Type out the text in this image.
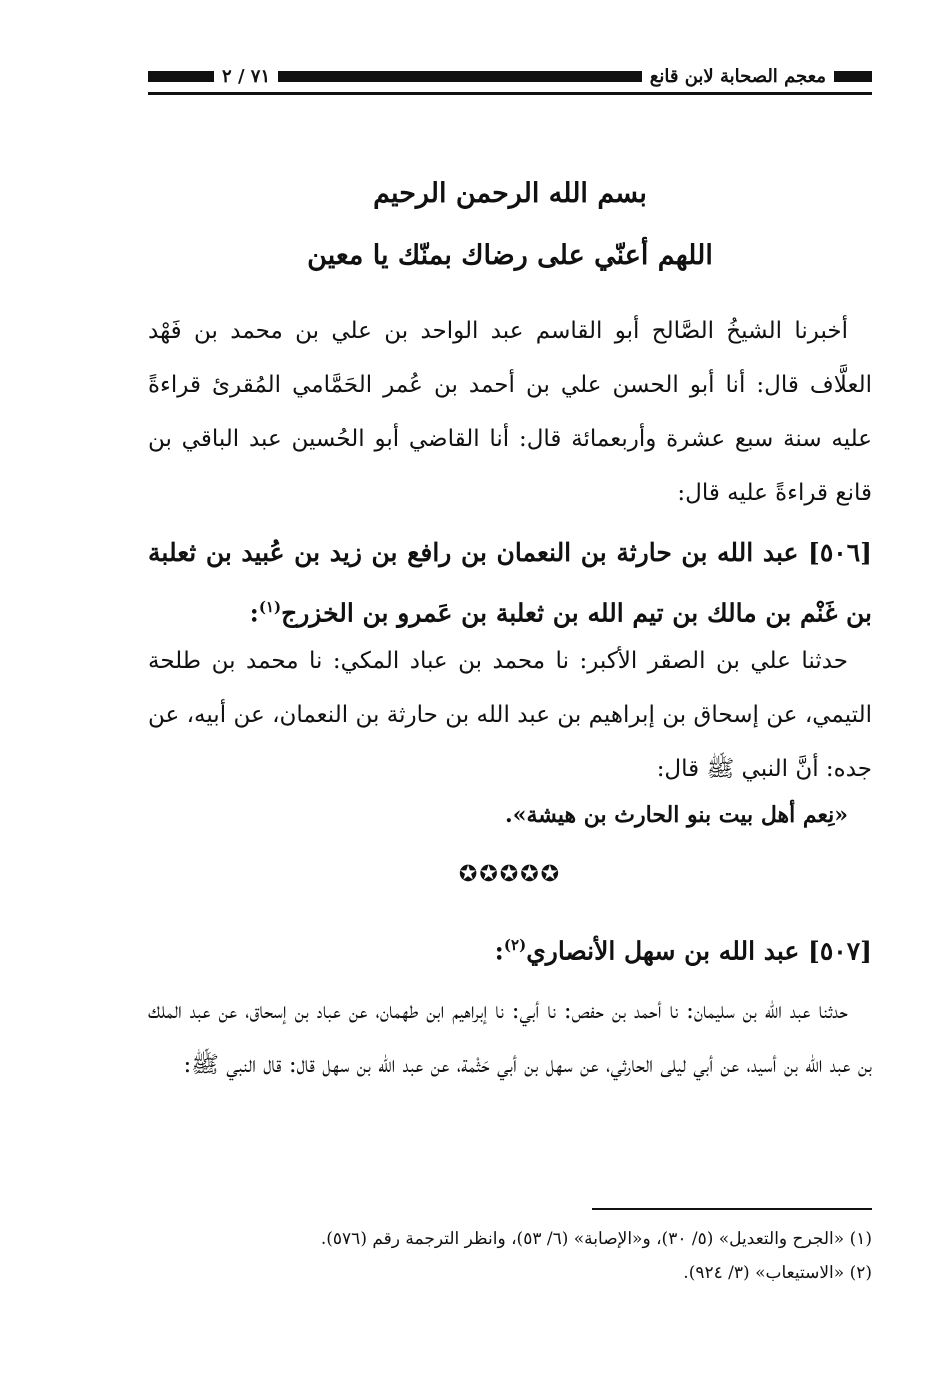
٧١ / ٢	معجم الصحابة لابن قانع
بسم الله الرحمن الرحيم
اللهم أعنّي على رضاك بمنّك يا معين
أخبرنا الشيخُ الصَّالح أبو القاسم عبد الواحد بن علي بن محمد بن فَهْد العلَّاف قال: أنا أبو الحسن علي بن أحمد بن عُمر الحَمَّامي المُقرئ قراءةً عليه سنة سبع عشرة وأربعمائة قال: أنا القاضي أبو الحُسين عبد الباقي بن قانع قراءةً عليه قال:
[٥٠٦] عبد الله بن حارثة بن النعمان بن رافع بن زيد بن عُبيد بن ثعلبة بن غَنْم بن مالك بن تيم الله بن ثعلبة بن عَمرو بن الخزرج$^{(١)}$:
حدثنا علي بن الصقر الأكبر: نا محمد بن عباد المكي: نا محمد بن طلحة التيمي، عن إسحاق بن إبراهيم بن عبد الله بن حارثة بن النعمان، عن أبيه، عن جده: أنَّ النبي ﷺ قال:
«نِعم أهل بيت بنو الحارث بن هيشة».
✪✪✪✪✪
[٥٠٧] عبد الله بن سهل الأنصاري$^{(٢)}$:
حدثنا عبد الله بن سليمان: نا أحمد بن حفص: نا أبي: نا إبراهيم ابن طهمان، عن عباد بن إسحاق، عن عبد الملك بن عبد الله بن أسيد، عن أبي ليلى الحارثي، عن سهل بن أبي حَثْمة، عن عبد الله بن سهل قال: قال النبي ﷺ:
(١) «الجرح والتعديل» (٥/ ٣٠)، و«الإصابة» (٦/ ٥٣)، وانظر الترجمة رقم (٥٧٦).
(٢) «الاستيعاب» (٣/ ٩٢٤).
